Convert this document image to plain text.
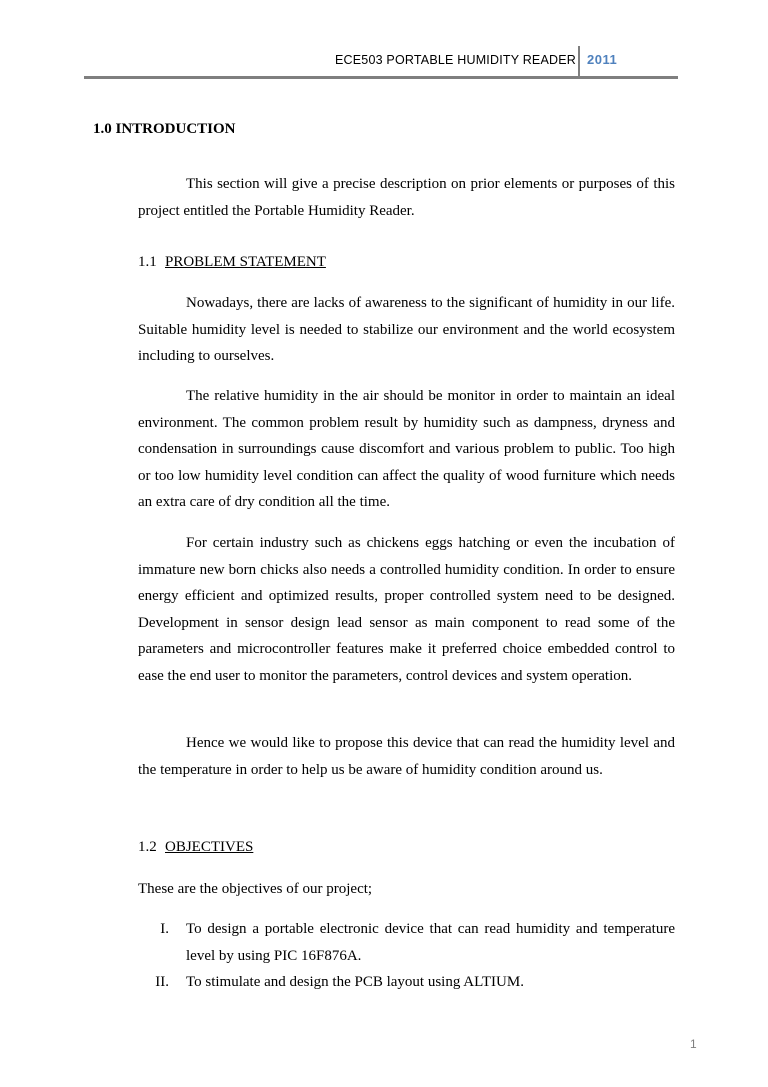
ECE503 PORTABLE HUMIDITY READER 2011
1.0 INTRODUCTION
This section will give a precise description on prior elements or purposes of this project entitled the Portable Humidity Reader.
1.1 PROBLEM STATEMENT
Nowadays, there are lacks of awareness to the significant of humidity in our life. Suitable humidity level is needed to stabilize our environment and the world ecosystem including to ourselves.
The relative humidity in the air should be monitor in order to maintain an ideal environment. The common problem result by humidity such as dampness, dryness and condensation in surroundings cause discomfort and various problem to public. Too high or too low humidity level condition can affect the quality of wood furniture which needs an extra care of dry condition all the time.
For certain industry such as chickens eggs hatching or even the incubation of immature new born chicks also needs a controlled humidity condition. In order to ensure energy efficient and optimized results, proper controlled system need to be designed. Development in sensor design lead sensor as main component to read some of the parameters and microcontroller features make it preferred choice embedded control to ease the end user to monitor the parameters, control devices and system operation.
Hence we would like to propose this device that can read the humidity level and the temperature in order to help us be aware of humidity condition around us.
1.2 OBJECTIVES
These are the objectives of our project;
I. To design a portable electronic device that can read humidity and temperature level by using PIC 16F876A.
II. To stimulate and design the PCB layout using ALTIUM.
1
